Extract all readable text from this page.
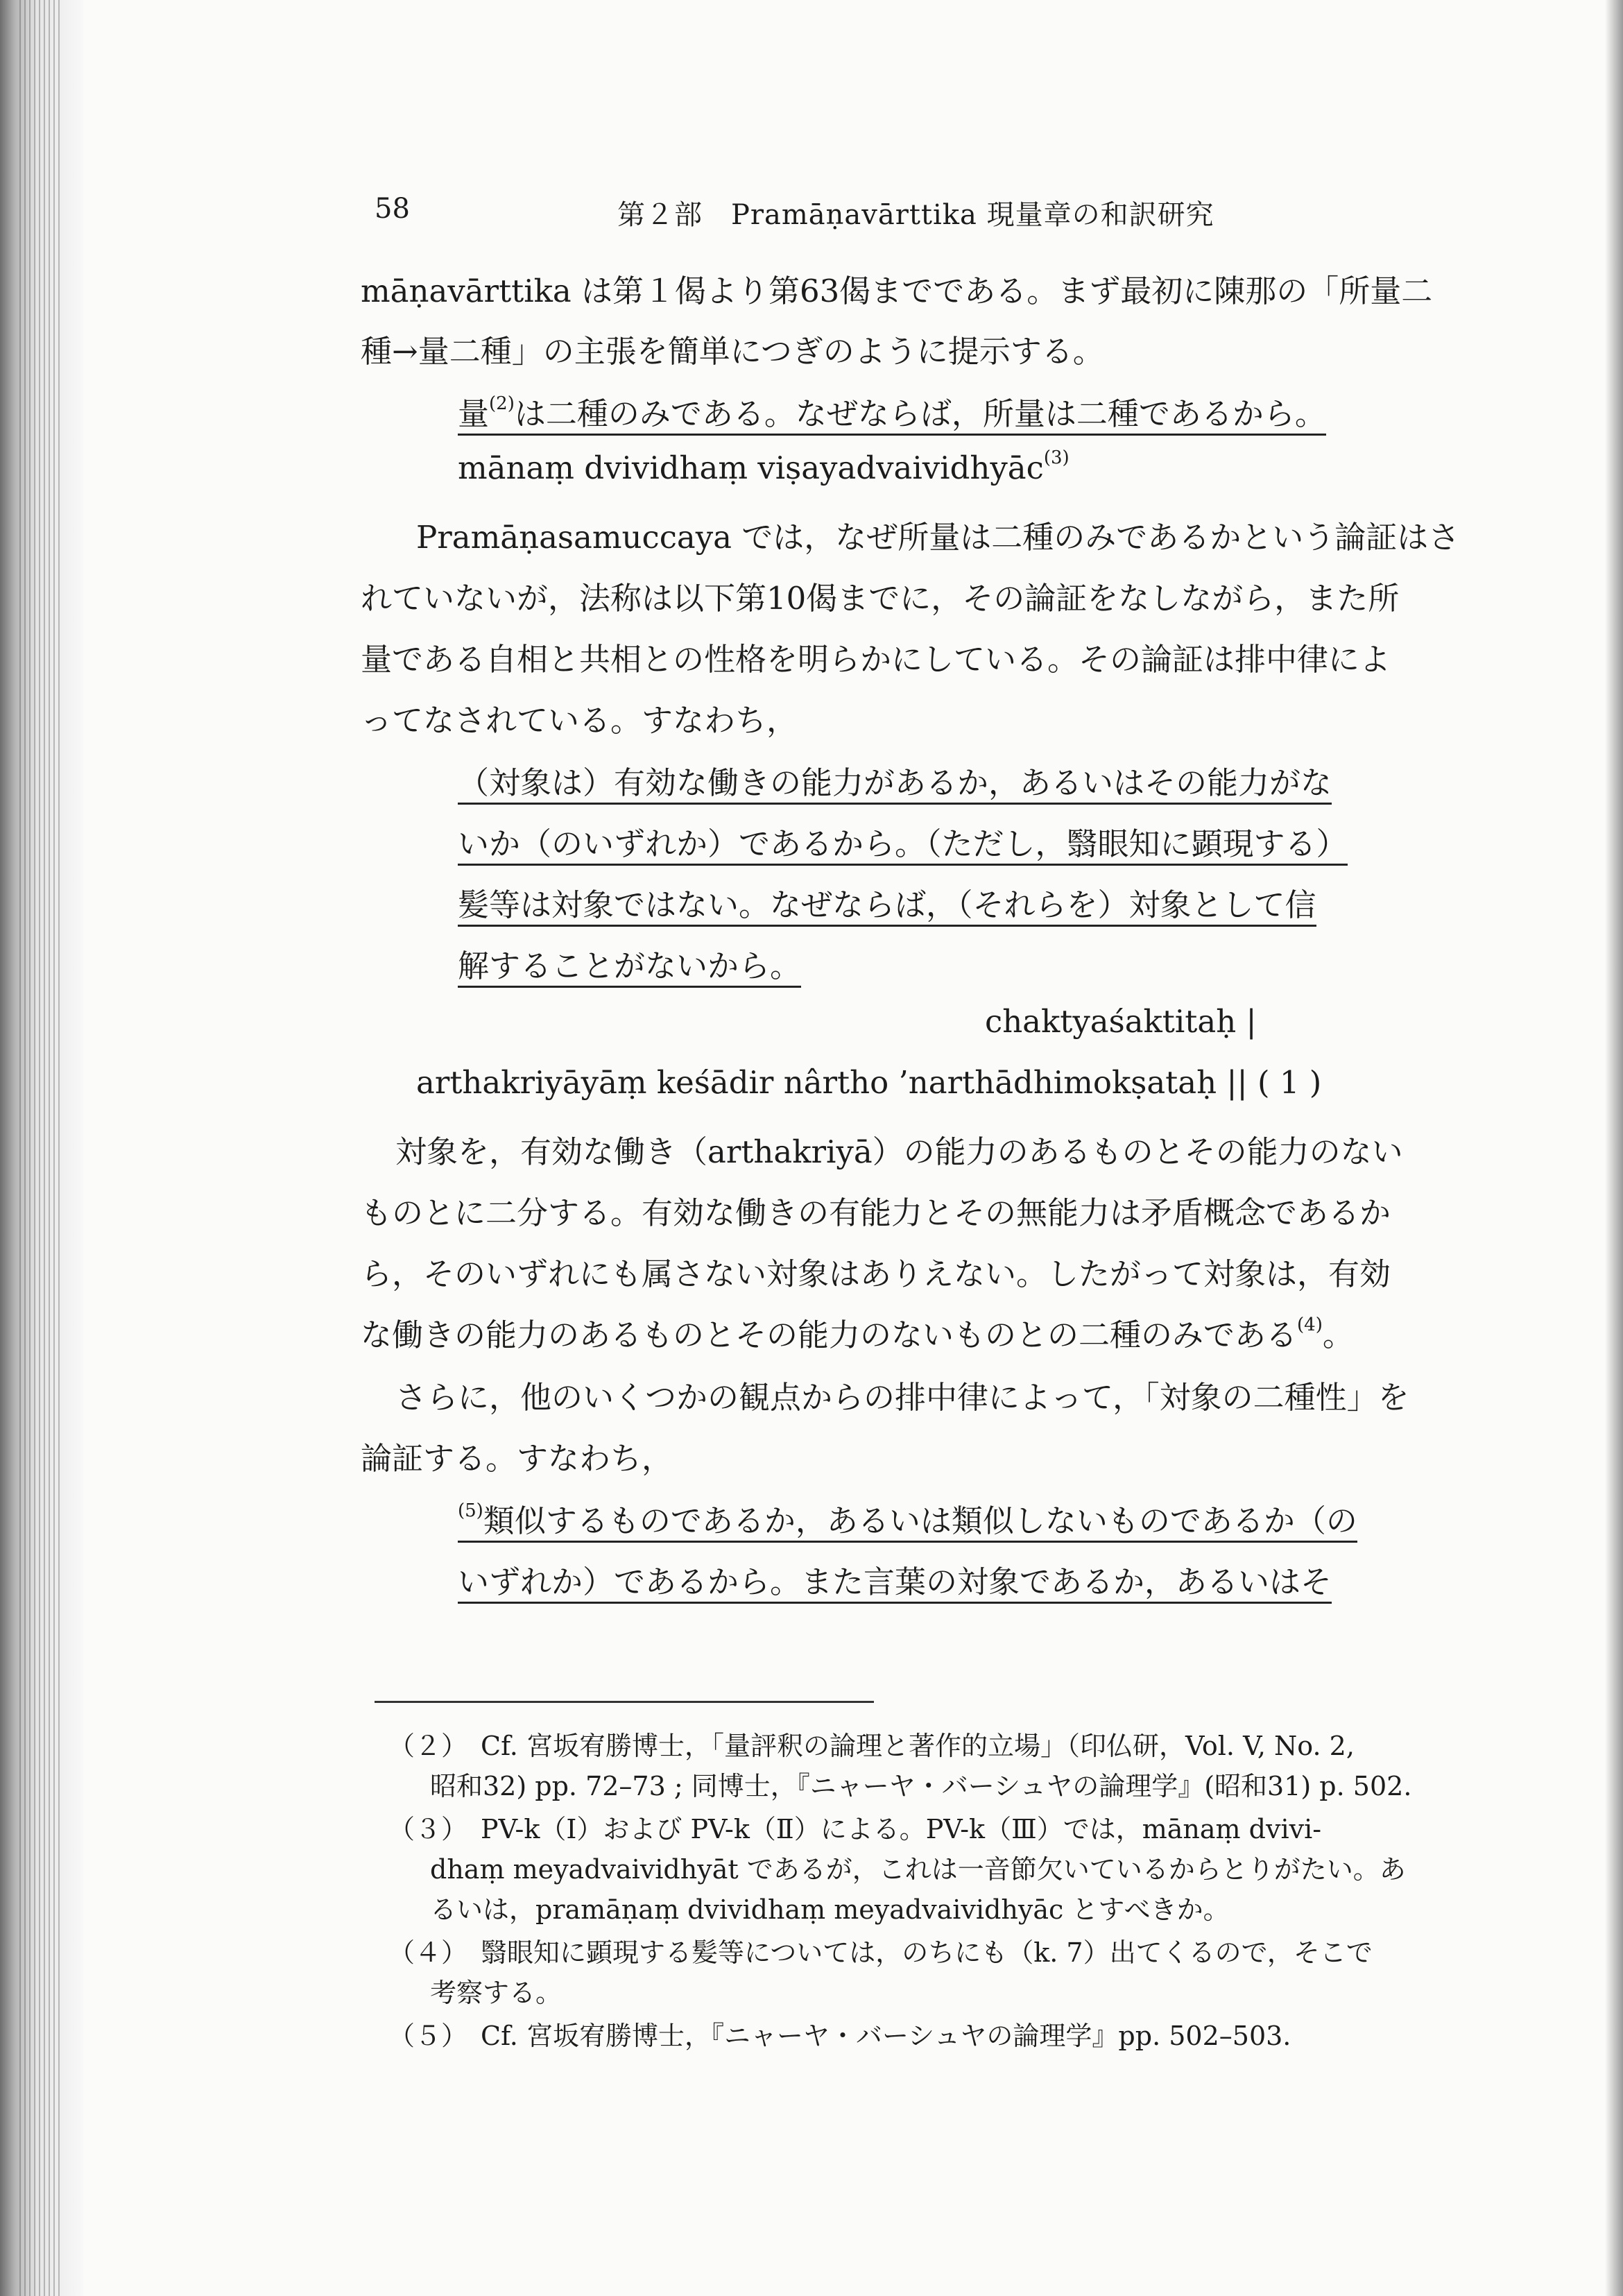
58	第２部　Pramāṇavārttika 現量章の和訳研究
māṇavārttika は第１偈より第63偈までである。まず最初に陳那の「所量二
種→量二種」の主張を簡単につぎのように提示する。
量$^{(2)}$は二種のみである。なぜならば，所量は二種であるから。
mānaṃ dvividhaṃ viṣayadvaividhyāc$^{(3)}$
Pramāṇasamuccaya では，なぜ所量は二種のみであるかという論証はさ
れていないが，法称は以下第10偈までに，その論証をなしながら，また所
量である自相と共相との性格を明らかにしている。その論証は排中律によ
ってなされている。すなわち，
（対象は）有効な働きの能力があるか，あるいはその能力がな
いか（のいずれか）であるから。（ただし，翳眼知に顕現する）
髪等は対象ではない。なぜならば，（それらを）対象として信
解することがないから。
chaktyaśaktitaḥ |
arthakriyāyāṃ keśādir nârtho ’narthādhimokṣataḥ || ( 1 )
対象を，有効な働き（arthakriyā）の能力のあるものとその能力のない
ものとに二分する。有効な働きの有能力とその無能力は矛盾概念であるか
ら，そのいずれにも属さない対象はありえない。したがって対象は，有効
な働きの能力のあるものとその能力のないものとの二種のみである$^{(4)}$。
さらに，他のいくつかの観点からの排中律によって，「対象の二種性」を
論証する。すなわち，
$^{(5)}$類似するものであるか，あるいは類似しないものであるか（の
いずれか）であるから。また言葉の対象であるか，あるいはそ
（２）　Cf. 宮坂宥勝博士，「量評釈の論理と著作的立場」（印仏研，Vol. V, No. 2,
昭和32) pp. 72–73 ; 同博士，『ニャーヤ・バーシュヤの論理学』(昭和31) p. 502.
（３）　PV-k（Ⅰ）および PV-k（Ⅱ）による。PV-k（Ⅲ）では，mānaṃ dvivi-
dhaṃ meyadvaividhyāt であるが，これは一音節欠いているからとりがたい。あ
るいは，pramāṇaṃ dvividhaṃ meyadvaividhyāc とすべきか。
（４）　翳眼知に顕現する髪等については，のちにも（k. 7）出てくるので，そこで
考察する。
（５）　Cf. 宮坂宥勝博士，『ニャーヤ・バーシュヤの論理学』pp. 502–503.
